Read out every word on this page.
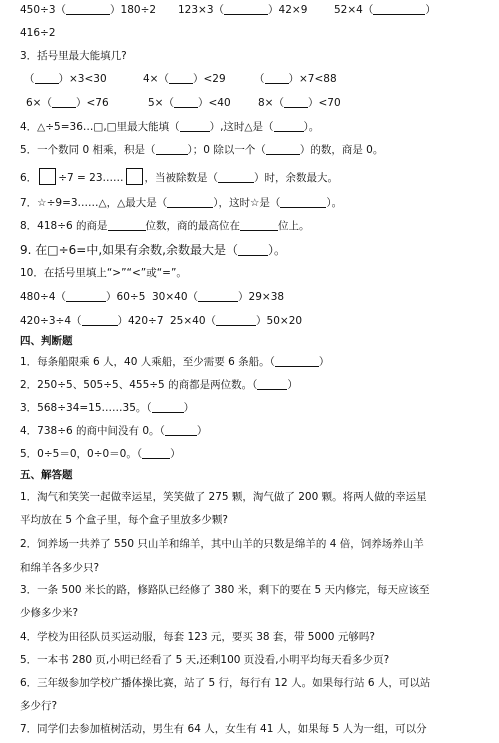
450÷3（	）180÷2 123×3（	）42×9	52×4（	）
416÷2
3．括号里最大能填几?
（ ）×3<30	4×（ ）<29	（ ）×7<88
6×（ ）<76	5×（ ）<40	8×（ ）<70
4．△÷5=36…□,□里最大能填（	）,这时△是（	）。
5．一个数同 0 相乘，积是（	）；0 除以一个（	）的数，商是 0。
6． ÷7 = 23…… ，当被除数是（	）时，余数最大。
7．☆÷9=3……△，△最大是（	），这时☆是（	）。
8．418÷6 的商是	位数，商的最高位在	位上。
9. 在□÷6=中,如果有余数,余数最大是（	）。
10．在括号里填上“>”“<”或“=”。
480÷4（	）60÷5 30×40（	）29×38
420÷3÷4（	）420÷7 25×40（	）50×20
四、判断题
1．每条船限乘 6 人，40 人乘船，至少需要 6 条船。（	）
2．250÷5、505÷5、455÷5 的商都是两位数。（	）
3．568÷34=15……35。（	）
4．738÷6 的商中间没有 0。（	）
5．0÷5＝0，0÷0＝0。（	）
五、解答题
1．淘气和笑笑一起做幸运星，笑笑做了 275 颗，淘气做了 200 颗。将两人做的幸运星
平均放在 5 个盒子里，每个盒子里放多少颗?
2．饲养场一共养了 550 只山羊和绵羊，其中山羊的只数是绵羊的 4 倍，饲养场养山羊
和绵羊各多少只?
3．一条 500 米长的路，修路队已经修了 380 米，剩下的要在 5 天内修完，每天应该至
少修多少米?
4．学校为田径队员买运动服，每套 123 元，要买 38 套，带 5000 元够吗?
5．一本书 280 页,小明已经看了 5 天,还剩100 页没看,小明平均每天看多少页?
6．三年级参加学校广播体操比赛，站了 5 行，每行有 12 人。如果每行站 6 人，可以站
多少行?
7．同学们去参加植树活动，男生有 64 人，女生有 41 人，如果每 5 人为一组，可以分
